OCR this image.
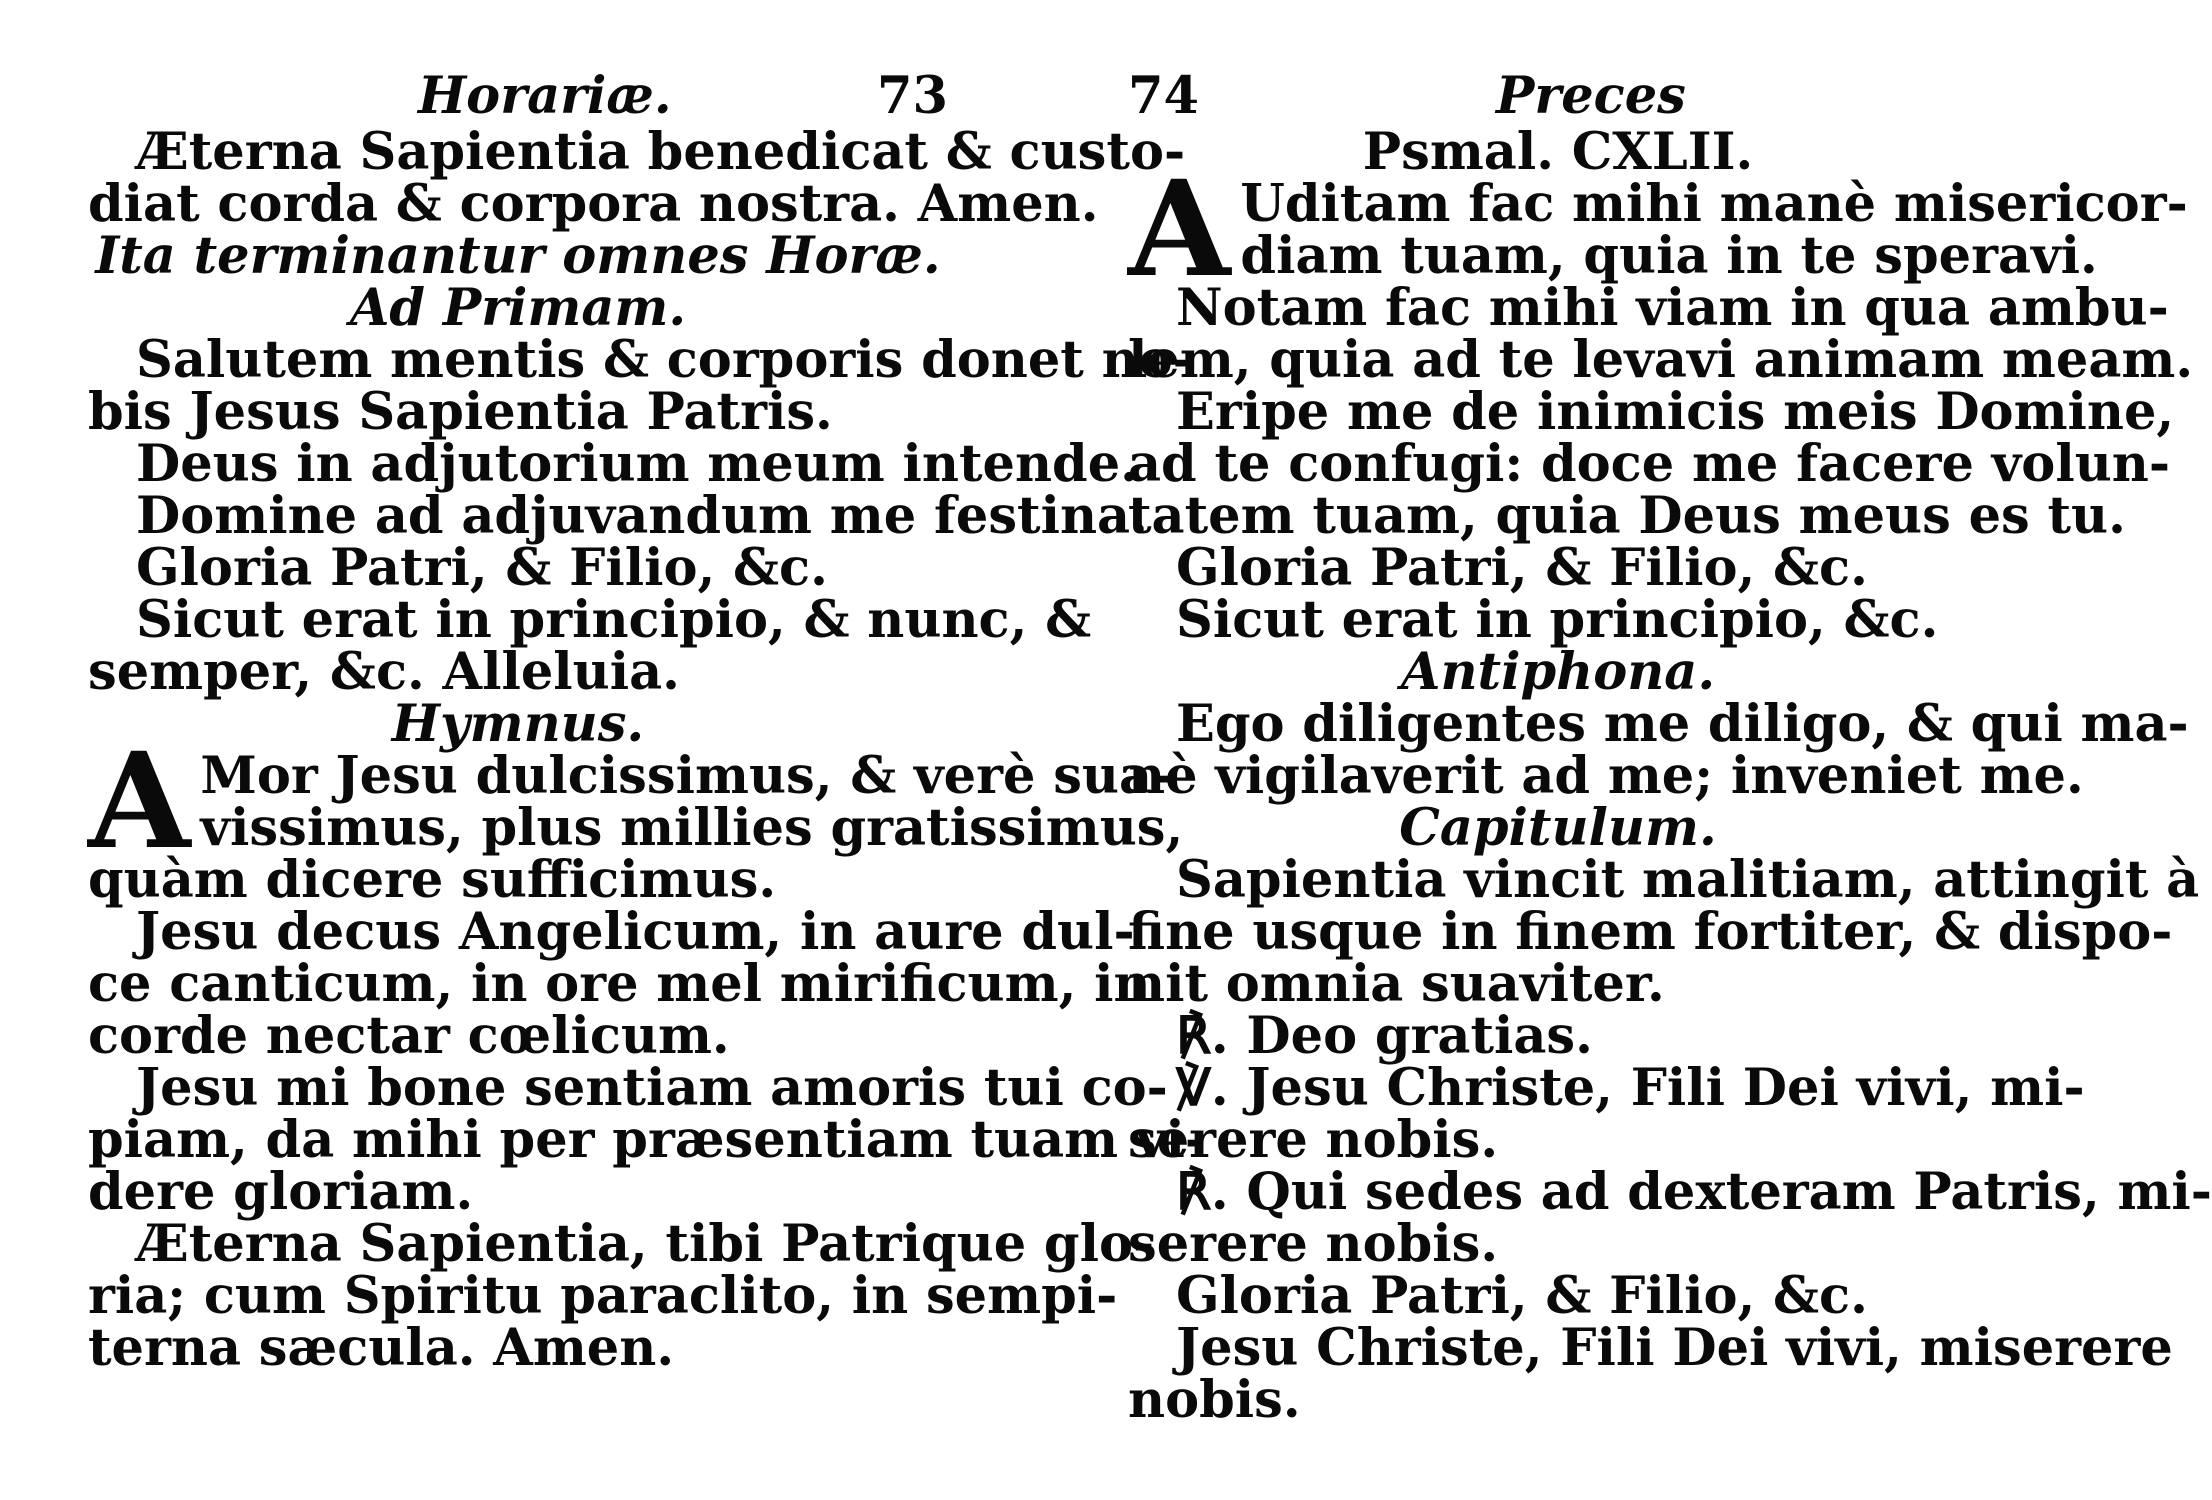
Horariæ.	73
Æterna Sapientia benedicat & custo-
diat corda & corpora nostra. Amen.
Ita terminantur omnes Horæ.
Ad Primam.
Salutem mentis & corporis donet no-
bis Jesus Sapientia Patris.
Deus in adjutorium meum intende.
Domine ad adjuvandum me festina.
Gloria Patri, & Filio, &c.
Sicut erat in principio, & nunc, &
semper, &c. Alleluia.
Hymnus.
A Mor Jesu dulcissimus, & verè sua-
vissimus, plus millies gratissimus,
quàm dicere sufficimus.
Jesu decus Angelicum, in aure dul-
ce canticum, in ore mel mirificum, in
corde nectar cœlicum.
Jesu mi bone sentiam amoris tui co-
piam, da mihi per præsentiam tuam vi-
dere gloriam.
Æterna Sapientia, tibi Patrique glo-
ria; cum Spiritu paraclito, in sempi-
terna sæcula. Amen.
74	Preces
Psmal. CXLII.
A Uditam fac mihi manè misericor-
diam tuam, quia in te speravi.
Notam fac mihi viam in qua ambu-
lem, quia ad te levavi animam meam.
Eripe me de inimicis meis Domine,
ad te confugi: doce me facere volun-
tatem tuam, quia Deus meus es tu.
Gloria Patri, & Filio, &c.
Sicut erat in principio, &c.
Antiphona.
Ego diligentes me diligo, & qui ma-
nè vigilaverit ad me; inveniet me.
Capitulum.
Sapientia vincit malitiam, attingit à
fine usque in finem fortiter, & dispo-
nit omnia suaviter.
℟. Deo gratias.
℣. Jesu Christe, Fili Dei vivi, mi-
serere nobis.
℟. Qui sedes ad dexteram Patris, mi-
serere nobis.
Gloria Patri, & Filio, &c.
Jesu Christe, Fili Dei vivi, miserere
nobis.
